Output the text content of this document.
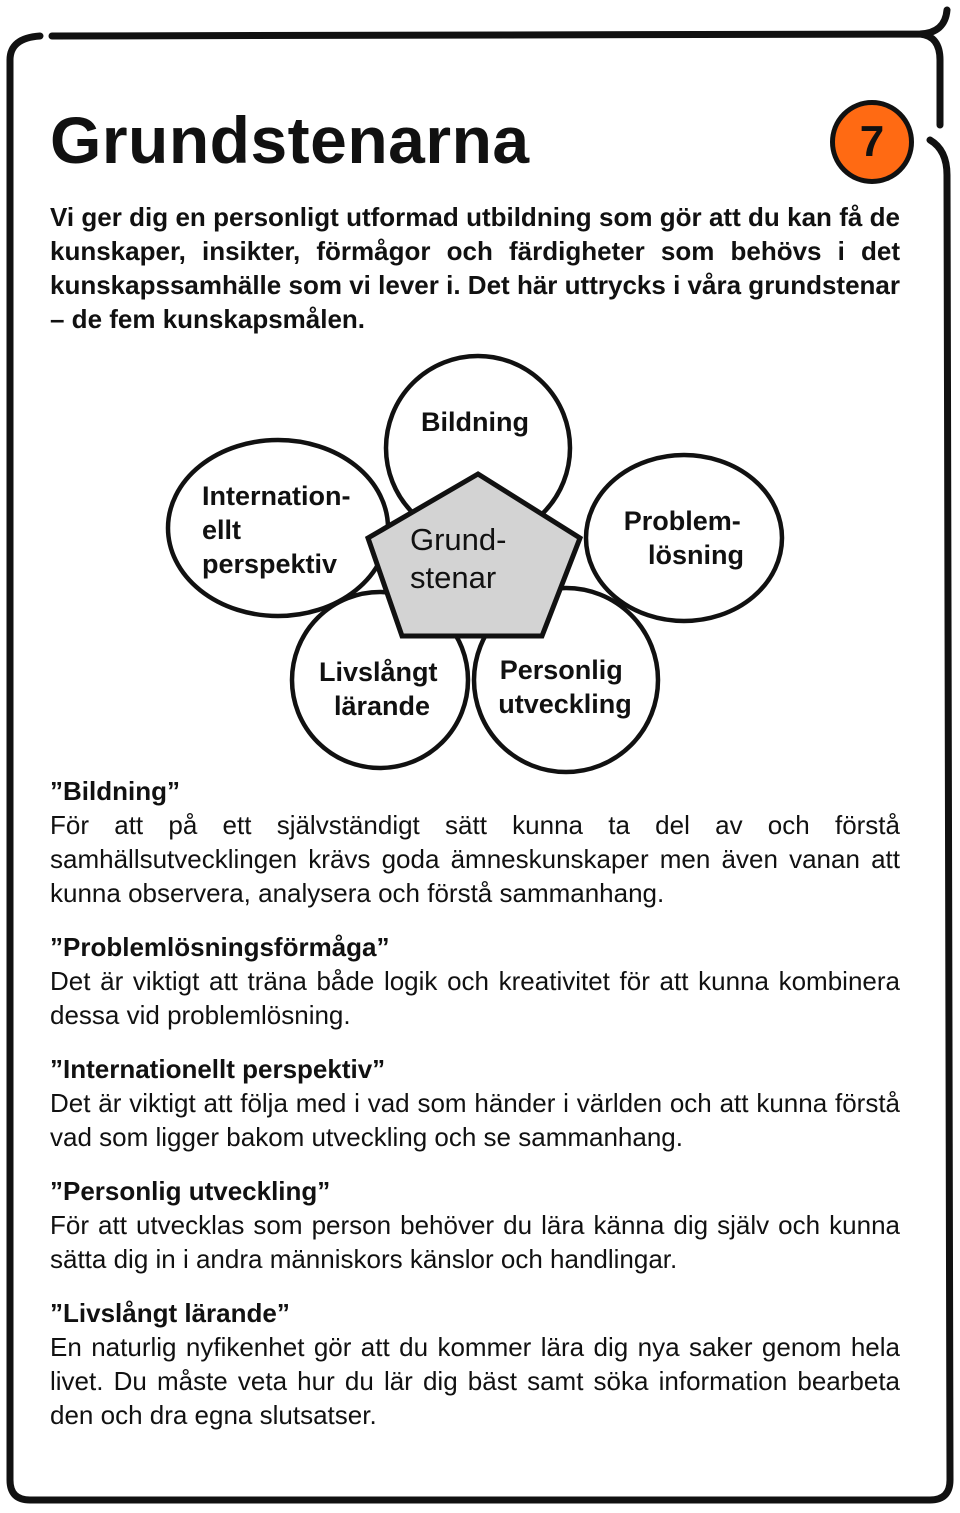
Grundstenarna	7

Vi ger dig en personligt utformad utbildning som gör att du kan få de kunskaper, insikter, förmågor och färdigheter som behövs i det kunskapssamhälle som vi lever i. Det här uttrycks i våra grundstenar – de fem kunskapsmålen.

Bildning
Internation- ellt perspektiv
Problem- lösning
Grund- stenar
Livslångt lärande
Personlig utveckling
”Bildning”

För att på ett självständigt sätt kunna ta del av och förstå samhällsutvecklingen krävs goda ämneskunskaper men även vanan att kunna observera, analysera och förstå sammanhang.

”Problemlösningsförmåga”

Det är viktigt att träna både logik och kreativitet för att kunna kombinera dessa vid problemlösning.

”Internationellt perspektiv”

Det är viktigt att följa med i vad som händer i världen och att kunna förstå vad som ligger bakom utveckling och se sammanhang.

”Personlig utveckling”

För att utvecklas som person behöver du lära känna dig själv och kunna sätta dig in i andra människors känslor och handlingar.

”Livslångt lärande”

En naturlig nyfikenhet gör att du kommer lära dig nya saker genom hela livet. Du måste veta hur du lär dig bäst samt söka information bearbeta den och dra egna slutsatser.
